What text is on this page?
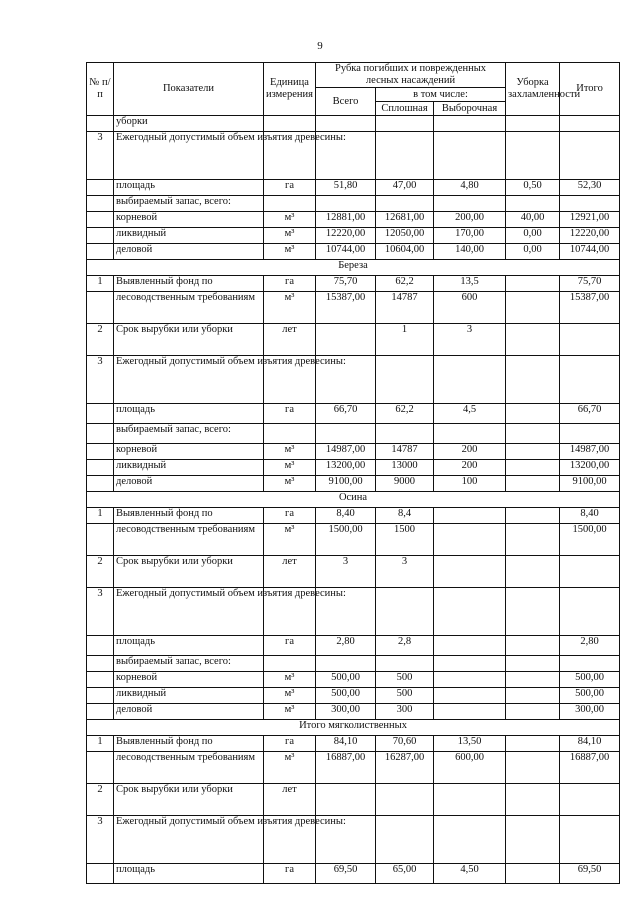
9
№ п/п	Показатели	Единица измерения	Рубка погибших и поврежденных лесных насаждений			Уборка захламленности	Итого
			Всего	в том числе:			
				Сплошная	Выборочная		
	уборки						
3	Ежегодный допустимый объем изъятия древесины:						
	площадь	га	51,80	47,00	4,80	0,50	52,30
	выбираемый запас, всего:						
	корневой	м³	12881,00	12681,00	200,00	40,00	12921,00
	ликвидный	м³	12220,00	12050,00	170,00	0,00	12220,00
	деловой	м³	10744,00	10604,00	140,00	0,00	10744,00
Береза							
1	Выявленный фонд по	га	75,70	62,2	13,5		75,70
	лесоводственным требованиям	м³	15387,00	14787	600		15387,00
2	Срок вырубки или уборки	лет		1	3		
3	Ежегодный допустимый объем изъятия древесины:						
	площадь	га	66,70	62,2	4,5		66,70
	выбираемый запас, всего:						
	корневой	м³	14987,00	14787	200		14987,00
	ликвидный	м³	13200,00	13000	200		13200,00
	деловой	м³	9100,00	9000	100		9100,00
Осина							
1	Выявленный фонд по	га	8,40	8,4			8,40
	лесоводственным требованиям	м³	1500,00	1500			1500,00
2	Срок вырубки или уборки	лет	3	3			
3	Ежегодный допустимый объем изъятия древесины:						
	площадь	га	2,80	2,8			2,80
	выбираемый запас, всего:						
	корневой	м³	500,00	500			500,00
	ликвидный	м³	500,00	500			500,00
	деловой	м³	300,00	300			300,00
Итого мягколиственных							
1	Выявленный фонд по	га	84,10	70,60	13,50		84,10
	лесоводственным требованиям	м³	16887,00	16287,00	600,00		16887,00
2	Срок вырубки или уборки	лет					
3	Ежегодный допустимый объем изъятия древесины:						
	площадь	га	69,50	65,00	4,50		69,50
